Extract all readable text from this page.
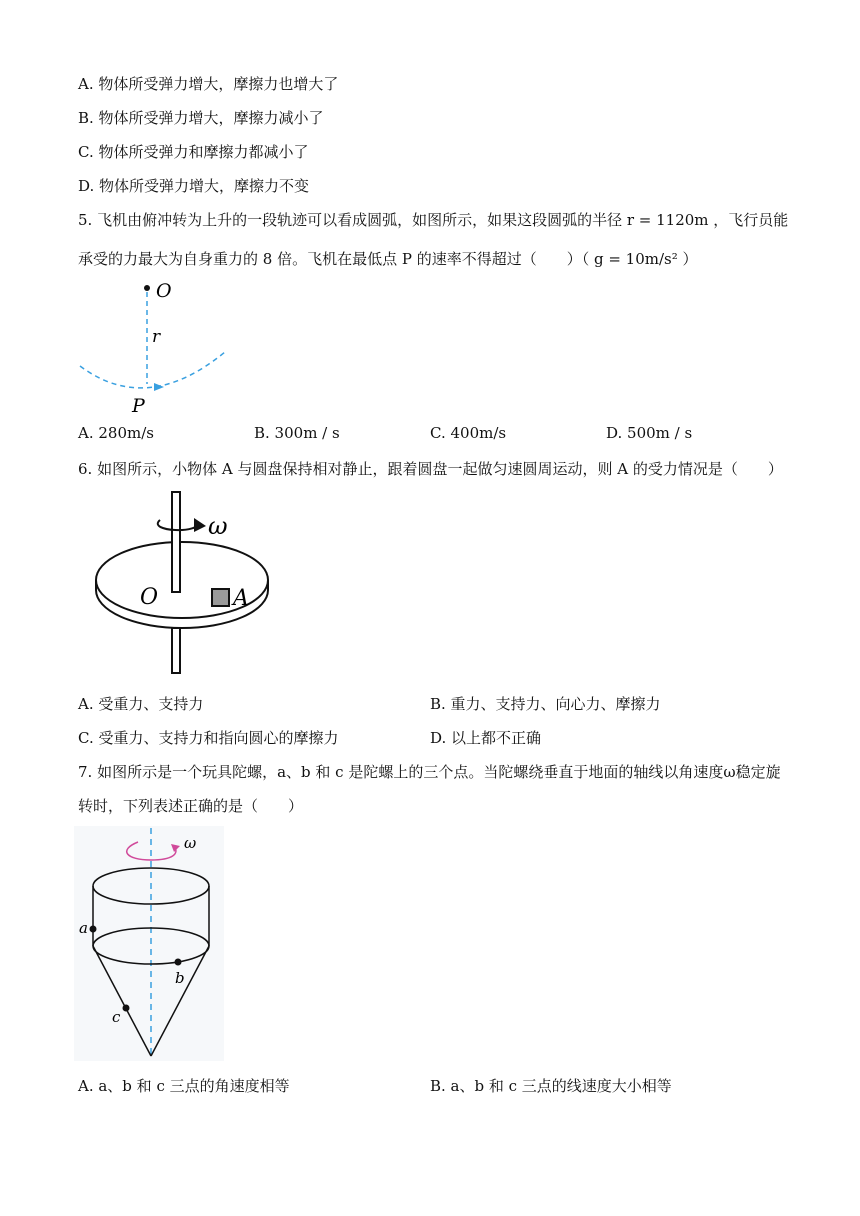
A. 物体所受弹力增大，摩擦力也增大了
B. 物体所受弹力增大，摩擦力减小了
C. 物体所受弹力和摩擦力都减小了
D. 物体所受弹力增大，摩擦力不变
5. 飞机由俯冲转为上升的一段轨迹可以看成圆弧，如图所示，如果这段圆弧的半径 r = 1120m ，飞行员能
承受的力最大为自身重力的 8 倍。飞机在最低点 P 的速率不得超过（　　）（ g = 10m/s² ）
O
r
P
A. 280m/s	B. 300m / s	C. 400m/s	D. 500m / s
6. 如图所示，小物体 A 与圆盘保持相对静止，跟着圆盘一起做匀速圆周运动，则 A 的受力情况是（　　）
ω
O	A
A. 受重力、支持力	B. 重力、支持力、向心力、摩擦力
C. 受重力、支持力和指向圆心的摩擦力	D. 以上都不正确
7. 如图所示是一个玩具陀螺，a、b 和 c 是陀螺上的三个点。当陀螺绕垂直于地面的轴线以角速度ω稳定旋
转时，下列表述正确的是（　　）
ω
a
b
c
A. a、b 和 c 三点的角速度相等	B. a、b 和 c 三点的线速度大小相等
